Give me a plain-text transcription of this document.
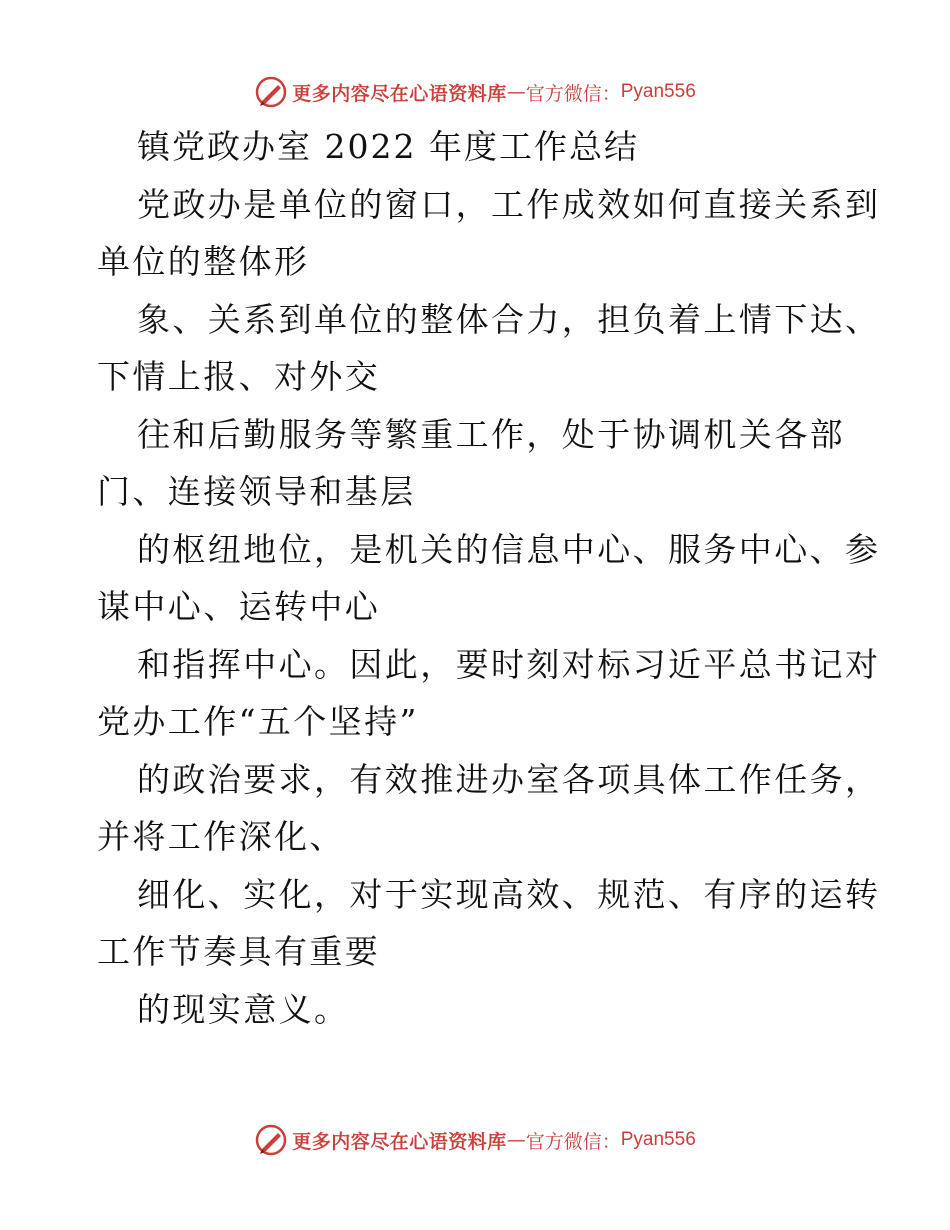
更多内容尽在心语资料库 — 官方微信： Pyan556
镇党政办室 2022 年度工作总结
党政办是单位的窗口，工作成效如何直接关系到
单位的整体形
象、关系到单位的整体合力，担负着上情下达、
下情上报、对外交
往和后勤服务等繁重工作，处于协调机关各部
门、连接领导和基层
的枢纽地位，是机关的信息中心、服务中心、参
谋中心、运转中心
和指挥中心。因此，要时刻对标习近平总书记对
党办工作“五个坚持”
的政治要求，有效推进办室各项具体工作任务，
并将工作深化、
细化、实化，对于实现高效、规范、有序的运转
工作节奏具有重要
的现实意义。
更多内容尽在心语资料库 — 官方微信： Pyan556
